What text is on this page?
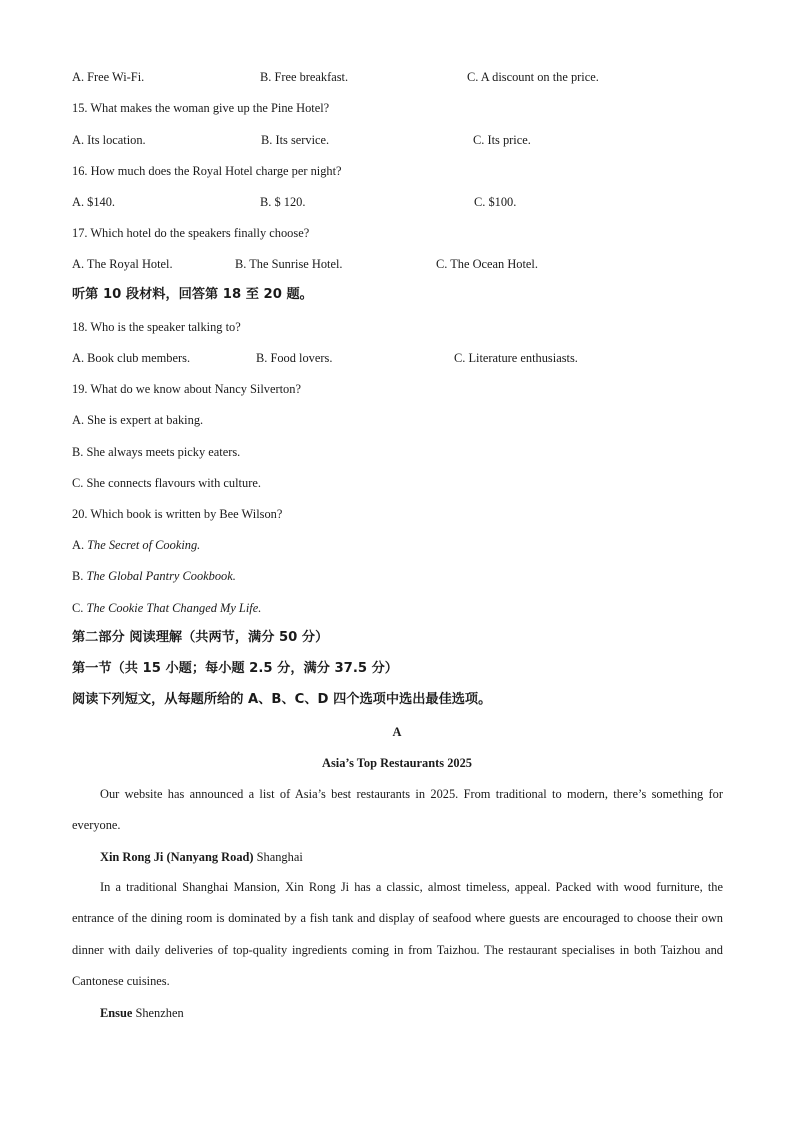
A. Free Wi-Fi.	B. Free breakfast.	C. A discount on the price.
15. What makes the woman give up the Pine Hotel?
A. Its location.	B. Its service.	C. Its price.
16. How much does the Royal Hotel charge per night?
A. $140.	B. $ 120.	C. $100.
17. Which hotel do the speakers finally choose?
A. The Royal Hotel.	B. The Sunrise Hotel.	C. The Ocean Hotel.
听第 10 段材料，回答第 18 至 20 题。
18. Who is the speaker talking to?
A. Book club members.	B. Food lovers.	C. Literature enthusiasts.
19. What do we know about Nancy Silverton?
A. She is expert at baking.
B. She always meets picky eaters.
C. She connects flavours with culture.
20. Which book is written by Bee Wilson?
A. The Secret of Cooking.
B. The Global Pantry Cookbook.
C. The Cookie That Changed My Life.
第二部分 阅读理解（共两节，满分 50 分）
第一节（共 15 小题；每小题 2.5 分，满分 37.5 分）
阅读下列短文，从每题所给的 A、B、C、D 四个选项中选出最佳选项。
A
Asia’s Top Restaurants 2025
Our website has announced a list of Asia’s best restaurants in 2025. From traditional to modern, there’s something for everyone.
Xin Rong Ji (Nanyang Road) Shanghai
In a traditional Shanghai Mansion, Xin Rong Ji has a classic, almost timeless, appeal. Packed with wood furniture, the entrance of the dining room is dominated by a fish tank and display of seafood where guests are encouraged to choose their own dinner with daily deliveries of top-quality ingredients coming in from Taizhou. The restaurant specialises in both Taizhou and Cantonese cuisines.
Ensue Shenzhen
